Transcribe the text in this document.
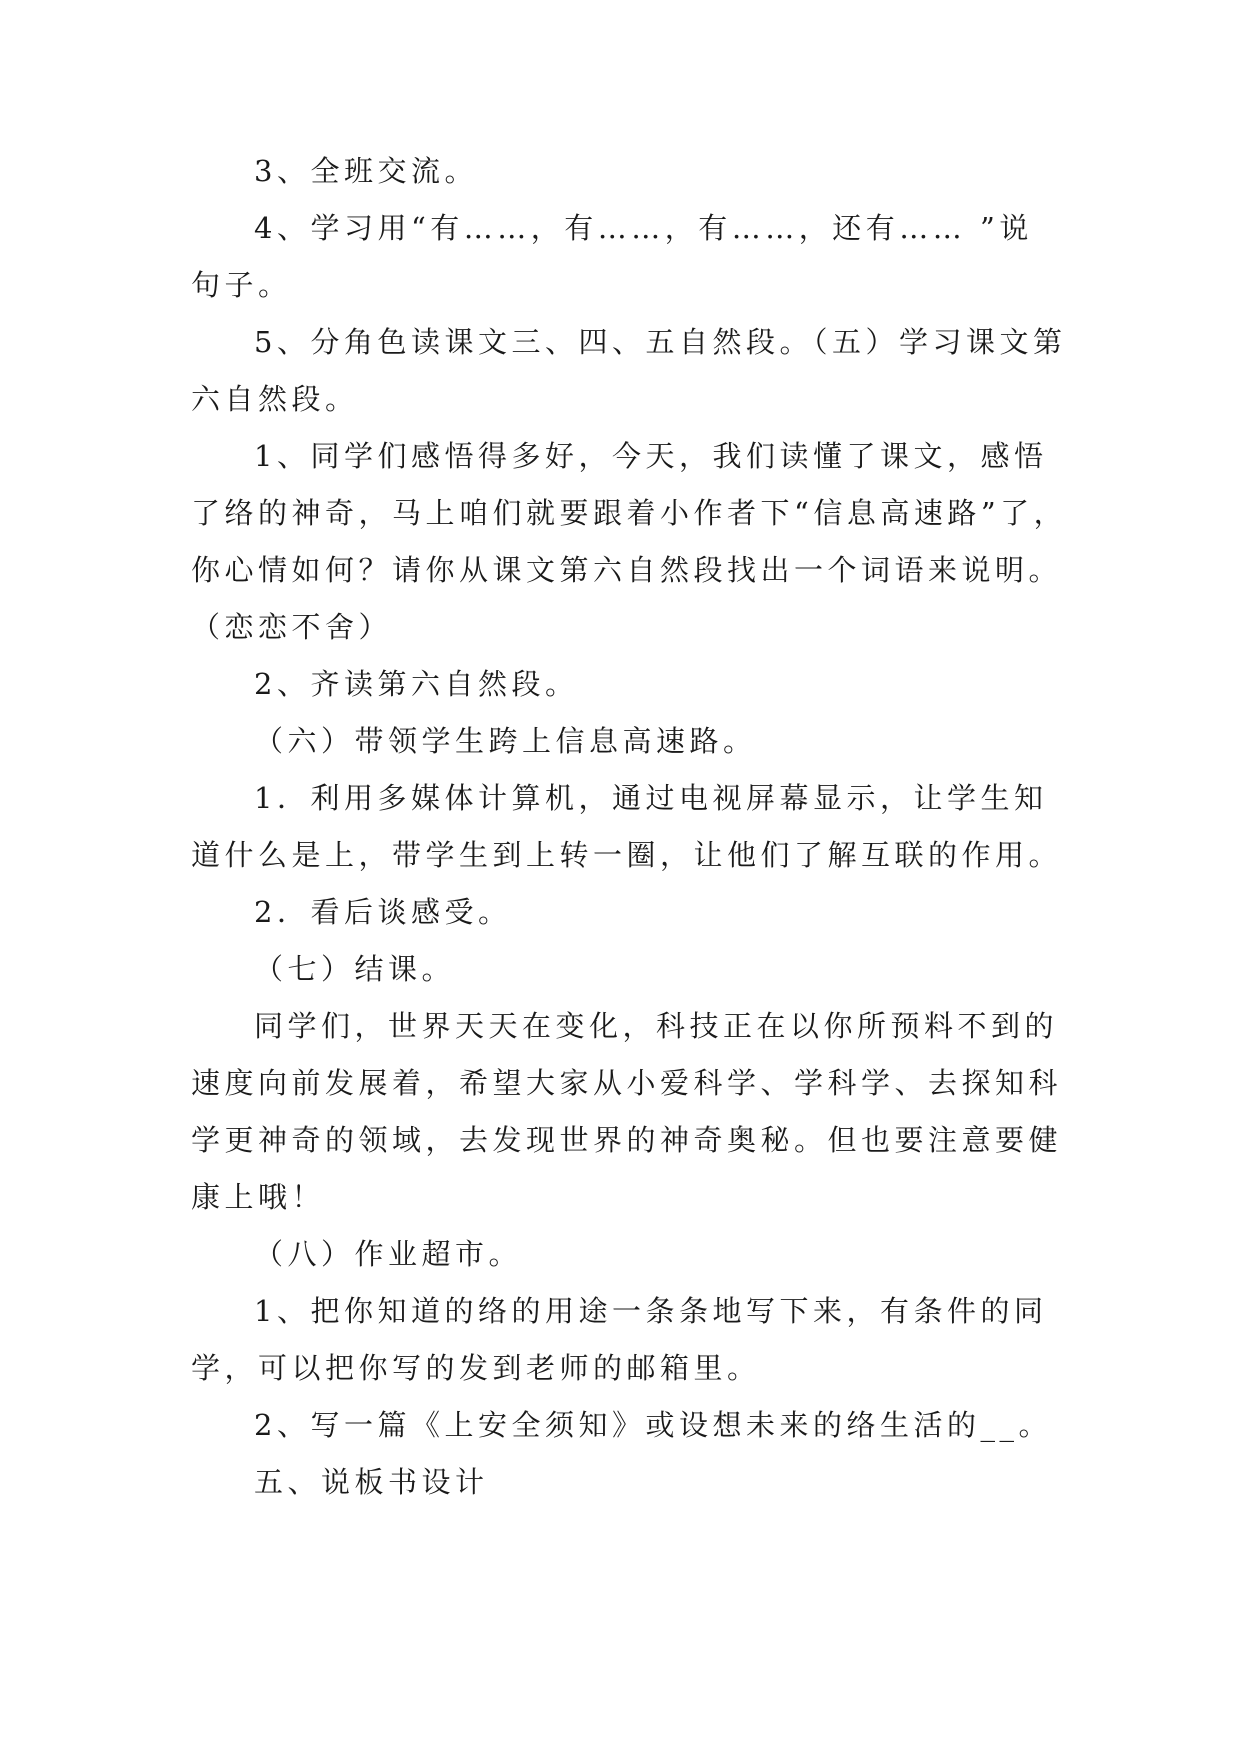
3、全班交流。
4、学习用“有……，有……，有……，还有…… ”说
句子。
5、分角色读课文三、四、五自然段。（五）学习课文第
六自然段。
1、同学们感悟得多好，今天，我们读懂了课文，感悟
了络的神奇，马上咱们就要跟着小作者下“信息高速路”了，
你心情如何？请你从课文第六自然段找出一个词语来说明。
（恋恋不舍）
2、齐读第六自然段。
（六）带领学生跨上信息高速路。
1．利用多媒体计算机，通过电视屏幕显示，让学生知
道什么是上，带学生到上转一圈，让他们了解互联的作用。
2．看后谈感受。
（七）结课。
同学们，世界天天在变化，科技正在以你所预料不到的
速度向前发展着，希望大家从小爱科学、学科学、去探知科
学更神奇的领域，去发现世界的神奇奥秘。但也要注意要健
康上哦！
（八）作业超市。
1、把你知道的络的用途一条条地写下来，有条件的同
学，可以把你写的发到老师的邮箱里。
2、写一篇《上安全须知》或设想未来的络生活的__。
五、说板书设计
